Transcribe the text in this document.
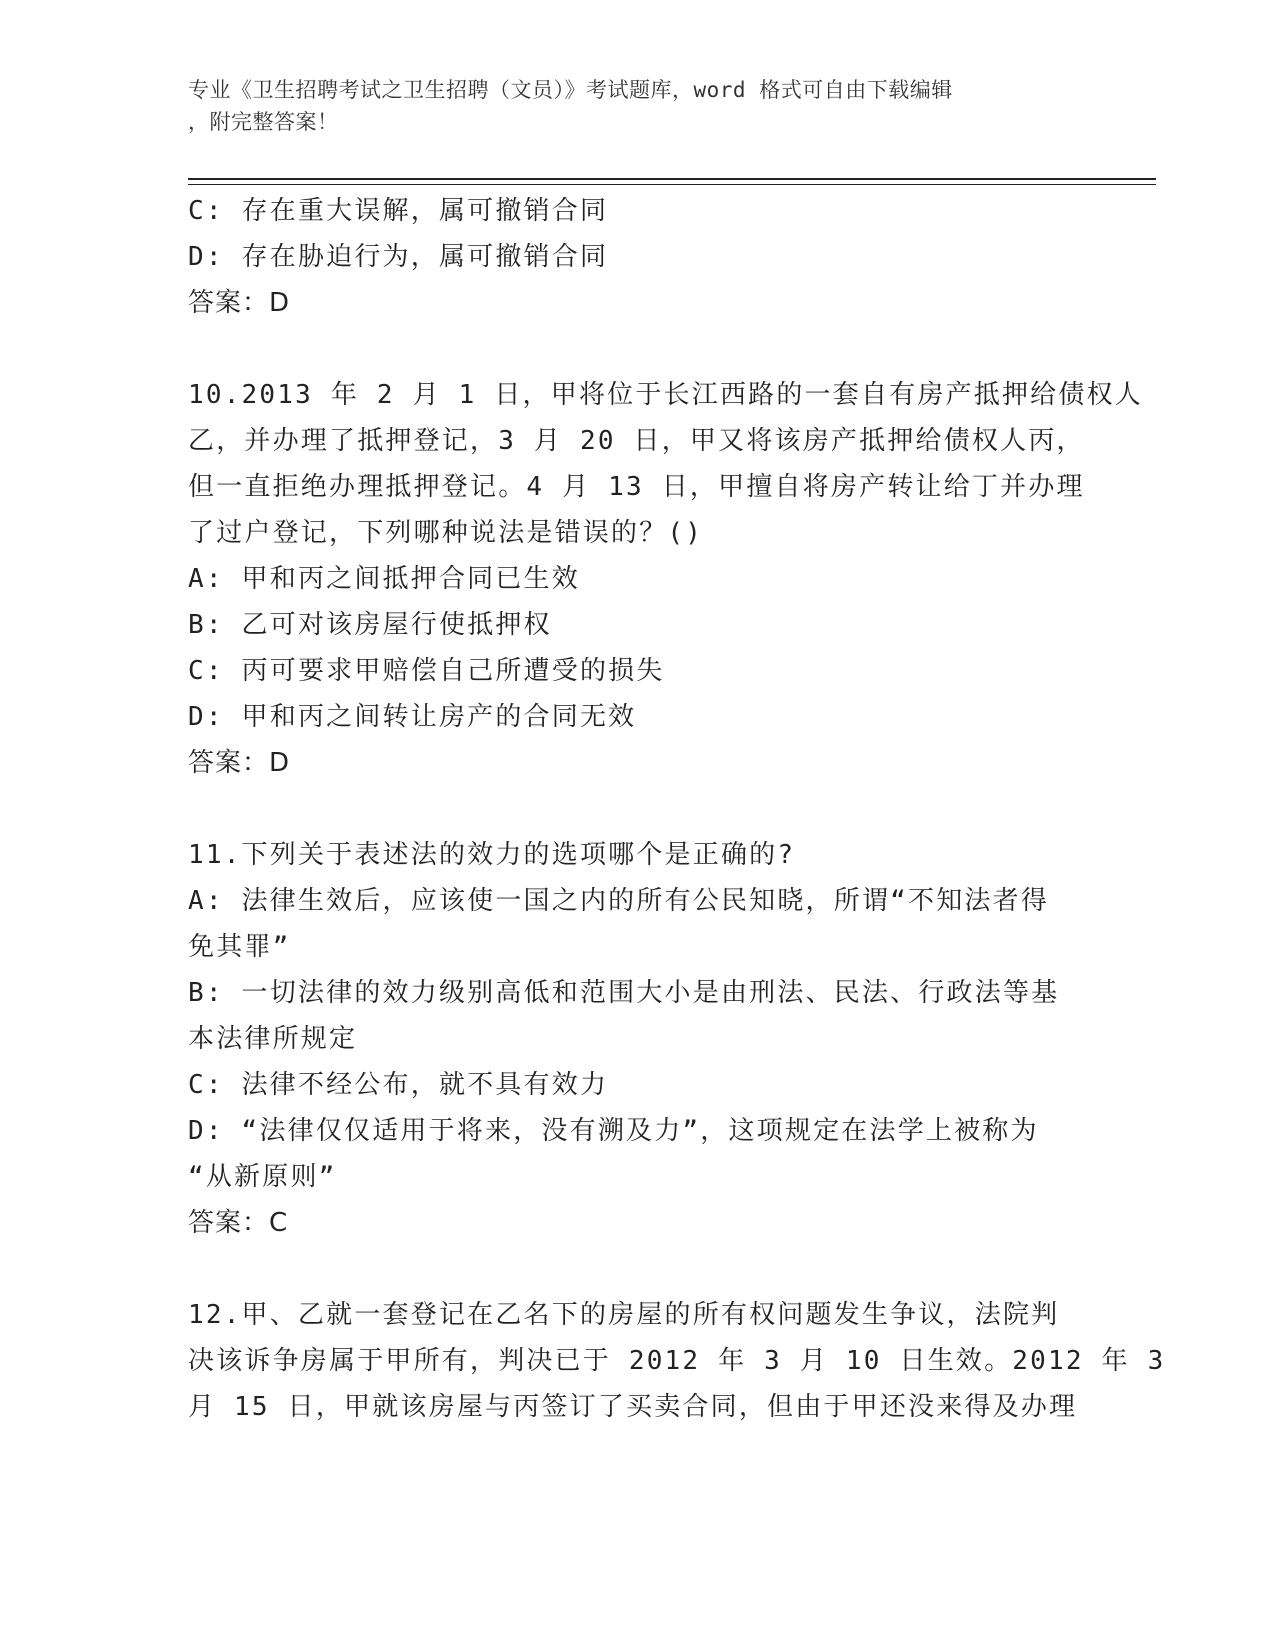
专业《卫生招聘考试之卫生招聘（文员）》考试题库，word 格式可自由下载编辑
，附完整答案！
C: 存在重大误解，属可撤销合同
D: 存在胁迫行为，属可撤销合同
答案：D
10.2013 年 2 月 1 日，甲将位于长江西路的一套自有房产抵押给债权人
乙，并办理了抵押登记，3 月 20 日，甲又将该房产抵押给债权人丙，
但一直拒绝办理抵押登记。4 月 13 日，甲擅自将房产转让给丁并办理
了过户登记，下列哪种说法是错误的？()
A: 甲和丙之间抵押合同已生效
B: 乙可对该房屋行使抵押权
C: 丙可要求甲赔偿自己所遭受的损失
D: 甲和丙之间转让房产的合同无效
答案：D
11.下列关于表述法的效力的选项哪个是正确的?
A: 法律生效后，应该使一国之内的所有公民知晓，所谓“不知法者得
免其罪”
B: 一切法律的效力级别高低和范围大小是由刑法、民法、行政法等基
本法律所规定
C: 法律不经公布，就不具有效力
D: “法律仅仅适用于将来，没有溯及力”，这项规定在法学上被称为
“从新原则”
答案：C
12.甲、乙就一套登记在乙名下的房屋的所有权问题发生争议，法院判
决该诉争房属于甲所有，判决已于 2012 年 3 月 10 日生效。2012 年 3
月 15 日，甲就该房屋与丙签订了买卖合同，但由于甲还没来得及办理
